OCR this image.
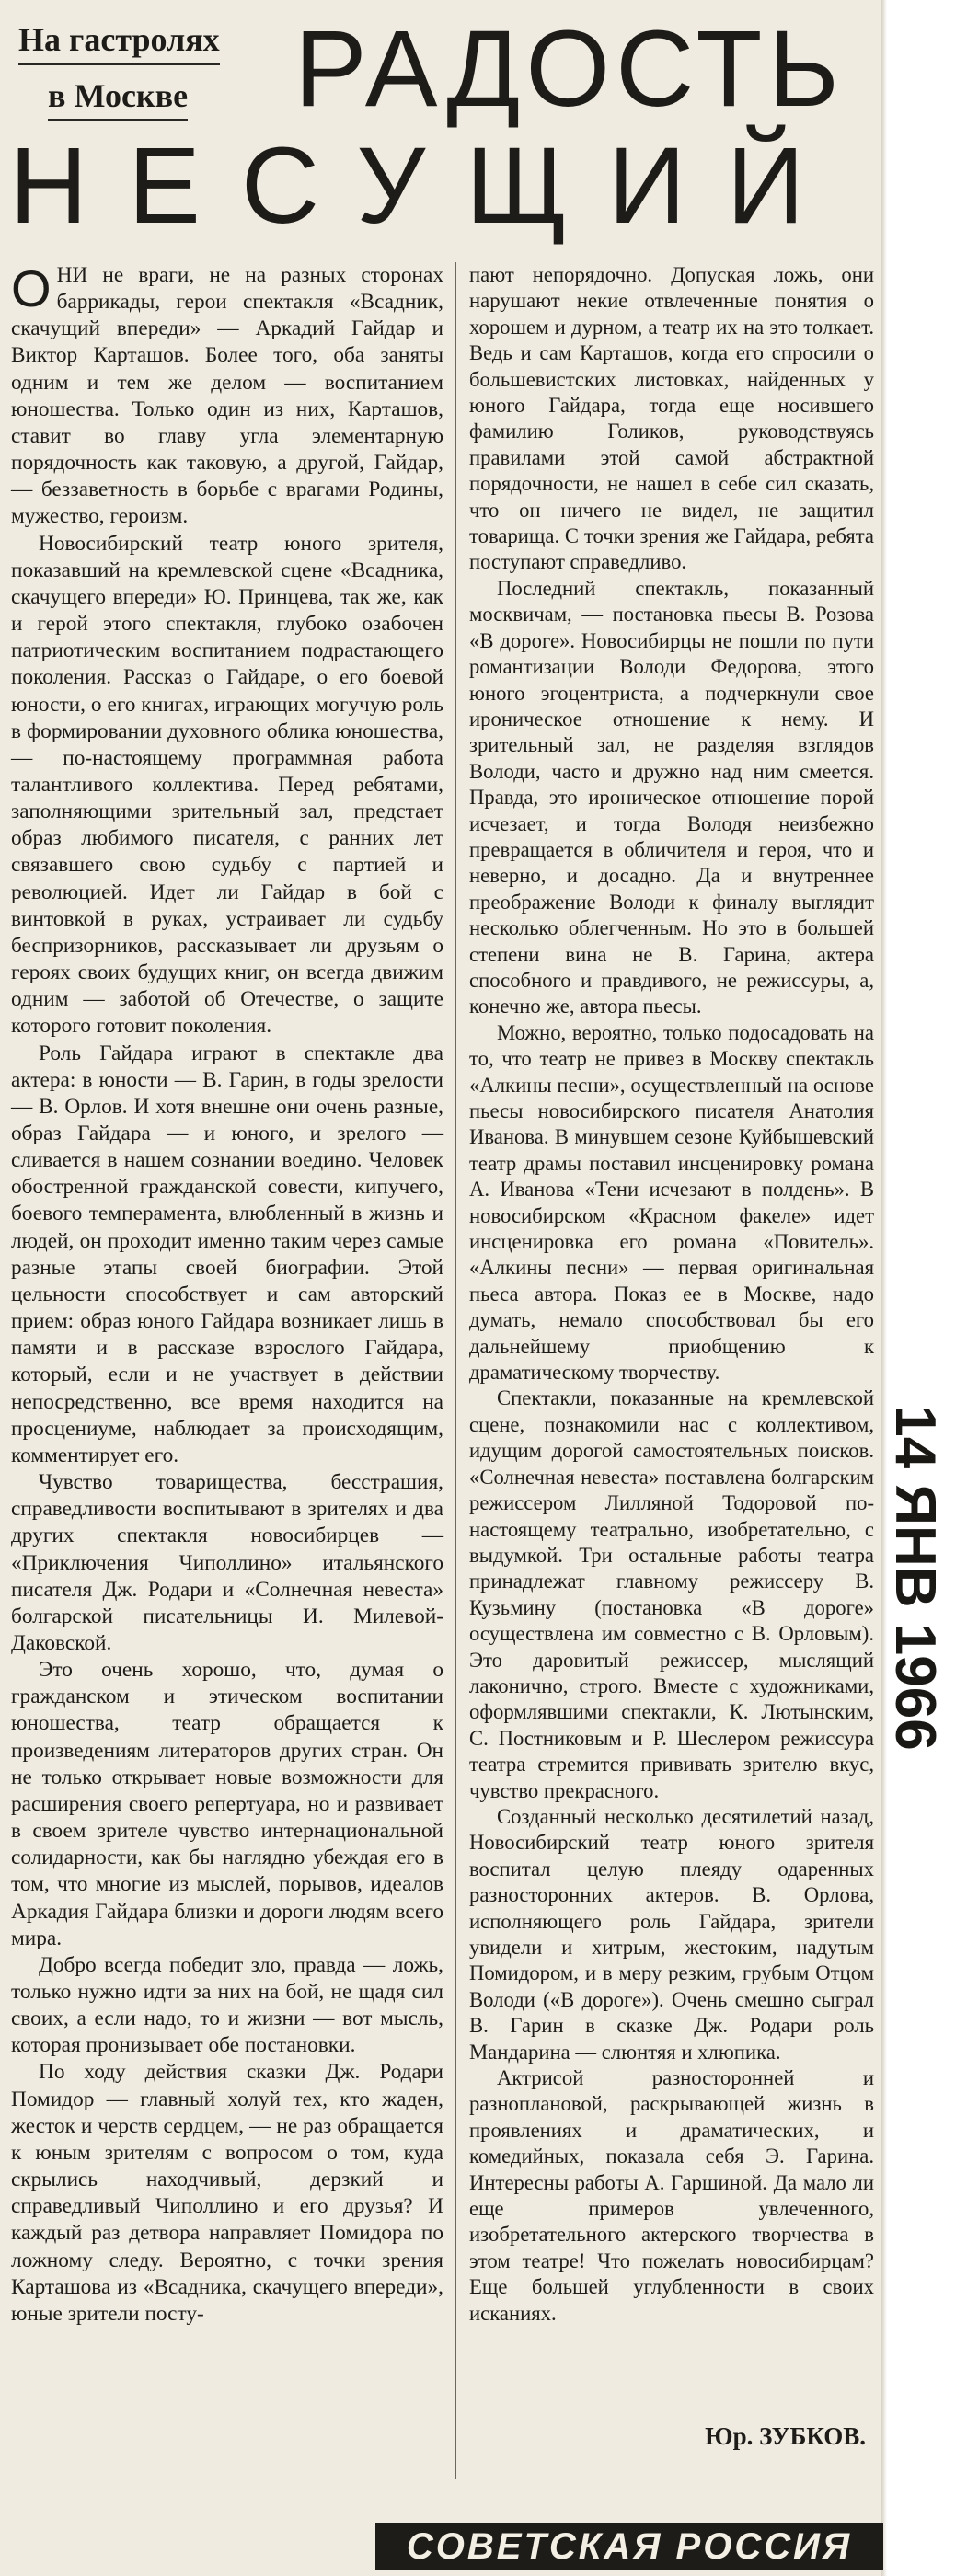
На гастролях
в Москве РАДОСТЬ
НЕСУЩИЙ

ОНИ не враги, не на разных сторонах баррикады, герои спектакля «Всадник, скачущий впереди» — Аркадий Гайдар и Виктор Карташов. Более того, оба заняты одним и тем же делом — воспитанием юношества. Только один из них, Карташов, ставит во главу угла элементарную порядочность как таковую, а другой, Гайдар, — беззаветность в борьбе с врагами Родины, мужество, героизм.

Новосибирский театр юного зрителя, показавший на кремлевской сцене «Всадника, скачущего впереди» Ю. Принцева, так же, как и герой этого спектакля, глубоко озабочен патриотическим воспитанием подрастающего поколения. Рассказ о Гайдаре, о его боевой юности, о его книгах, играющих могучую роль в формировании духовного облика юношества, — по-настоящему программная работа талантливого коллектива. Перед ребятами, заполняющими зрительный зал, предстает образ любимого писателя, с ранних лет связавшего свою судьбу с партией и революцией. Идет ли Гайдар в бой с винтовкой в руках, устраивает ли судьбу беспризорников, рассказывает ли друзьям о героях своих будущих книг, он всегда движим одним — заботой об Отечестве, о защите которого готовит поколения.

Роль Гайдара играют в спектакле два актера: в юности — В. Гарин, в годы зрелости — В. Орлов. И хотя внешне они очень разные, образ Гайдара — и юного, и зрелого — сливается в нашем сознании воедино. Человек обостренной гражданской совести, кипучего, боевого темперамента, влюбленный в жизнь и людей, он проходит именно таким через самые разные этапы своей биографии. Этой цельности способствует и сам авторский прием: образ юного Гайдара возникает лишь в памяти и в рассказе взрослого Гайдара, который, если и не участвует в действии непосредственно, все время находится на просцениуме, наблюдает за происходящим, комментирует его.

Чувство товарищества, бесстрашия, справедливости воспитывают в зрителях и два других спектакля новосибирцев — «Приключения Чиполлино» итальянского писателя Дж. Родари и «Солнечная невеста» болгарской писательницы И. Милевой-Даковской.

Это очень хорошо, что, думая о гражданском и этическом воспитании юношества, театр обращается к произведениям литераторов других стран. Он не только открывает новые возможности для расширения своего репертуара, но и развивает в своем зрителе чувство интернациональной солидарности, как бы наглядно убеждая его в том, что многие из мыслей, порывов, идеалов Аркадия Гайдара близки и дороги людям всего мира.

Добро всегда победит зло, правда — ложь, только нужно идти за них на бой, не щадя сил своих, а если надо, то и жизни — вот мысль, которая пронизывает обе постановки.

По ходу действия сказки Дж. Родари Помидор — главный холуй тех, кто жаден, жесток и черств сердцем, — не раз обращается к юным зрителям с вопросом о том, куда скрылись находчивый, дерзкий и справедливый Чиполлино и его друзья? И каждый раз детвора направляет Помидора по ложному следу. Вероятно, с точки зрения Карташова из «Всадника, скачущего впереди», юные зрители посту-

пают непорядочно. Допуская ложь, они нарушают некие отвлеченные понятия о хорошем и дурном, а театр их на это толкает. Ведь и сам Карташов, когда его спросили о большевистских листовках, найденных у юного Гайдара, тогда еще носившего фамилию Голиков, руководствуясь правилами этой самой абстрактной порядочности, не нашел в себе сил сказать, что он ничего не видел, не защитил товарища. С точки зрения же Гайдара, ребята поступают справедливо.

Последний спектакль, показанный москвичам, — постановка пьесы В. Розова «В дороге». Новосибирцы не пошли по пути романтизации Володи Федорова, этого юного эгоцентриста, а подчеркнули свое ироническое отношение к нему. И зрительный зал, не разделяя взглядов Володи, часто и дружно над ним смеется. Правда, это ироническое отношение порой исчезает, и тогда Володя неизбежно превращается в обличителя и героя, что и неверно, и досадно. Да и внутреннее преображение Володи к финалу выглядит несколько облегченным. Но это в большей степени вина не В. Гарина, актера способного и правдивого, не режиссуры, а, конечно же, автора пьесы.

Можно, вероятно, только подосадовать на то, что театр не привез в Москву спектакль «Алкины песни», осуществленный на основе пьесы новосибирского писателя Анатолия Иванова. В минувшем сезоне Куйбышевский театр драмы поставил инсценировку романа А. Иванова «Тени исчезают в полдень». В новосибирском «Красном факеле» идет инсценировка его романа «Повитель». «Алкины песни» — первая оригинальная пьеса автора. Показ ее в Москве, надо думать, немало способствовал бы его дальнейшему приобщению к драматическому творчеству.

Спектакли, показанные на кремлевской сцене, познакомили нас с коллективом, идущим дорогой самостоятельных поисков. «Солнечная невеста» поставлена болгарским режиссером Лилляной Тодоровой по-настоящему театрально, изобретательно, с выдумкой. Три остальные работы театра принадлежат главному режиссеру В. Кузьмину (постановка «В дороге» осуществлена им совместно с В. Орловым). Это даровитый режиссер, мыслящий лаконично, строго. Вместе с художниками, оформлявшими спектакли, К. Лютынским, С. Постниковым и Р. Шеслером режиссура театра стремится прививать зрителю вкус, чувство прекрасного.

Созданный несколько десятилетий назад, Новосибирский театр юного зрителя воспитал целую плеяду одаренных разносторонних актеров. В. Орлова, исполняющего роль Гайдара, зрители увидели и хитрым, жестоким, надутым Помидором, и в меру резким, грубым Отцом Володи («В дороге»). Очень смешно сыграл В. Гарин в сказке Дж. Родари роль Мандарина — слюнтяя и хлюпика.

Актрисой разносторонней и разноплановой, раскрывающей жизнь в проявлениях и драматических, и комедийных, показала себя Э. Гарина. Интересны работы А. Гаршиной. Да мало ли еще примеров увлеченного, изобретательного актерского творчества в этом театре! Что пожелать новосибирцам? Еще большей углубленности в своих исканиях.

Юр. ЗУБКОВ.
14 ЯНВ 1966
СОВЕТСКАЯ РОССИЯ
